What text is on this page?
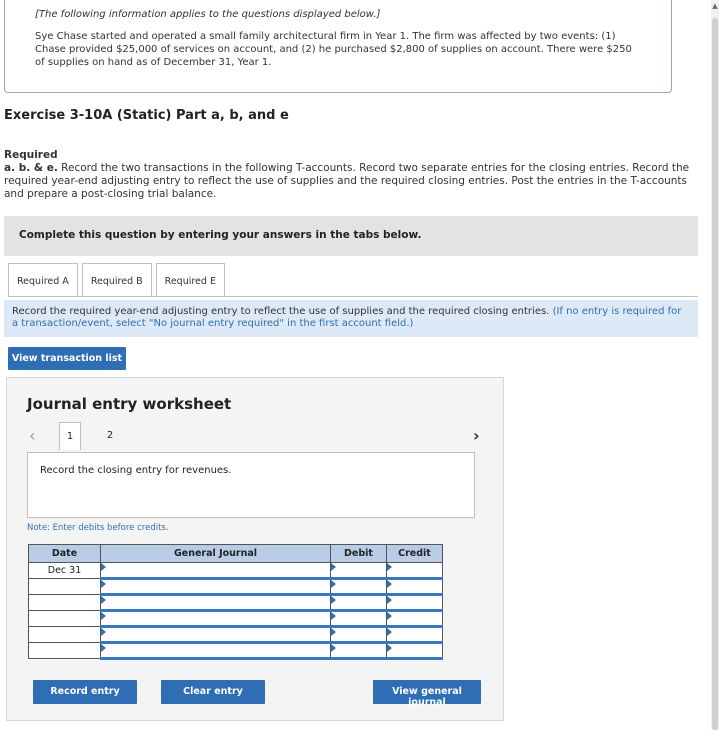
[The following information applies to the questions displayed below.]
Sye Chase started and operated a small family architectural firm in Year 1. The firm was affected by two events: (1) Chase provided $25,000 of services on account, and (2) he purchased $2,800 of supplies on account. There were $250 of supplies on hand as of December 31, Year 1.
▲
Exercise 3-10A (Static) Part a, b, and e
Required
a. b. & e. Record the two transactions in the following T-accounts. Record two separate entries for the closing entries. Record the required year-end adjusting entry to reflect the use of supplies and the required closing entries. Post the entries in the T-accounts and prepare a post-closing trial balance.
Complete this question by entering your answers in the tabs below.
Required A	Required B	Required E
Record the required year-end adjusting entry to reflect the use of supplies and the required closing entries. (If no entry is required for a transaction/event, select "No journal entry required" in the first account field.)
View transaction list
Journal entry worksheet
‹	1	2	›
Record the closing entry for revenues.
Note: Enter debits before credits.
Date	General Journal	Debit	Credit
Dec 31	

Record entry	Clear entry	View general journal
